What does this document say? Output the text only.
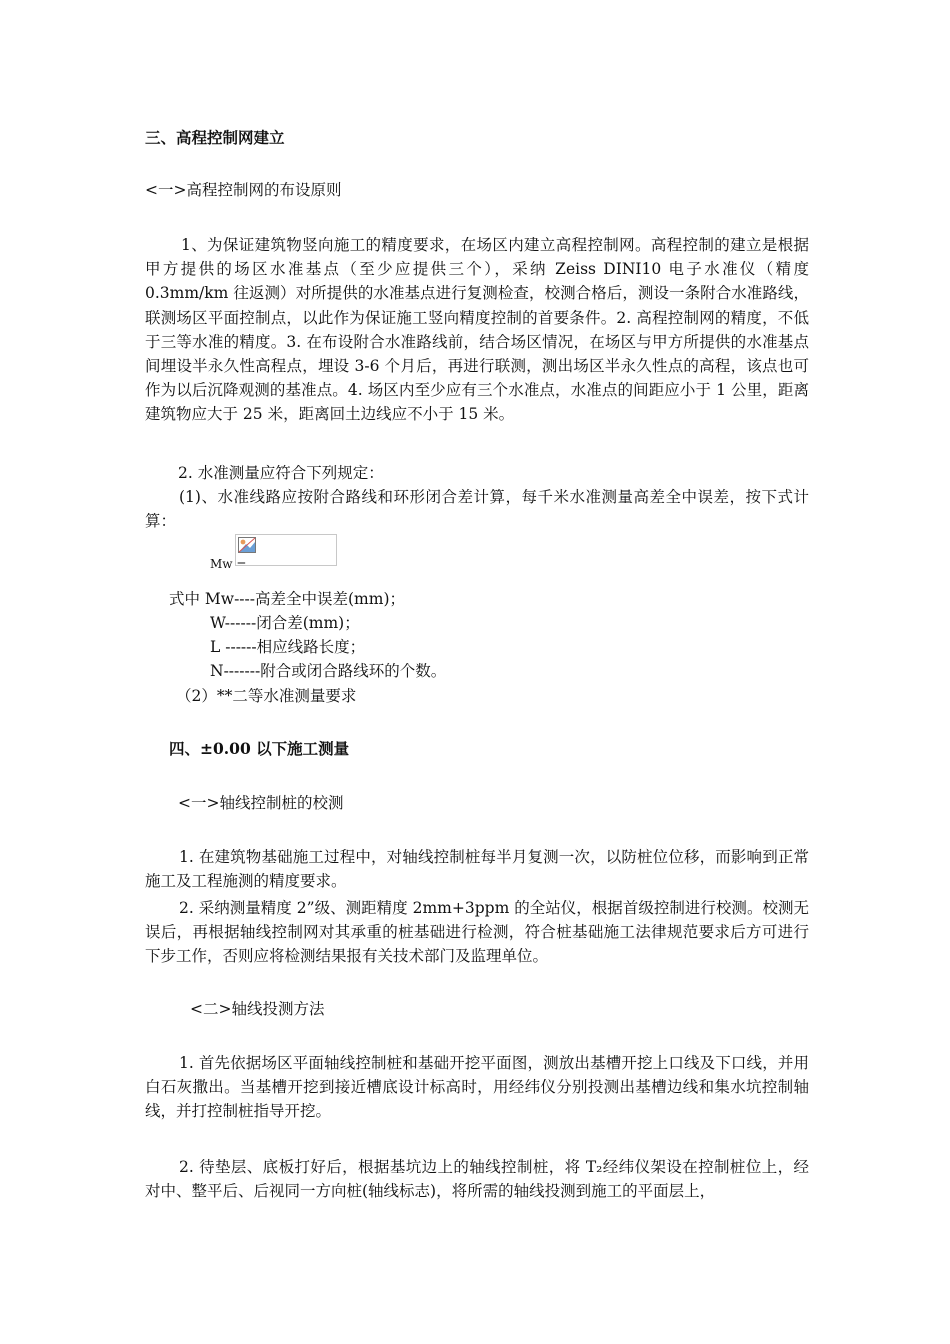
三、高程控制网建立
<一>高程控制网的布设原则
1、为保证建筑物竖向施工的精度要求，在场区内建立高程控制网。高程控制的建立是根据甲方提供的场区水准基点（至少应提供三个），采纳 Zeiss DINI10 电子水准仪（精度 0.3mm/km 往返测）对所提供的水准基点进行复测检查，校测合格后，测设一条附合水准路线，联测场区平面控制点，以此作为保证施工竖向精度控制的首要条件。2. 高程控制网的精度，不低于三等水准的精度。3. 在布设附合水准路线前，结合场区情况，在场区与甲方所提供的水准基点间埋设半永久性高程点，埋设 3-6 个月后，再进行联测，测出场区半永久性点的高程，该点也可作为以后沉降观测的基准点。4. 场区内至少应有三个水准点，水准点的间距应小于 1 公里，距离建筑物应大于 25 米，距离回土边线应不小于 15 米。
2. 水准测量应符合下列规定：
(1)、水准线路应按附合路线和环形闭合差计算，每千米水准测量高差全中误差，按下式计算：
Mw =
式中 Mw----高差全中误差(mm)；
W------闭合差(mm)；
L ------相应线路长度；
N-------附合或闭合路线环的个数。
（2）**二等水准测量要求
四、±0.00 以下施工测量
<一>轴线控制桩的校测
1. 在建筑物基础施工过程中，对轴线控制桩每半月复测一次，以防桩位位移，而影响到正常施工及工程施测的精度要求。
2. 采纳测量精度 2”级、测距精度 2mm+3ppm 的全站仪，根据首级控制进行校测。校测无误后，再根据轴线控制网对其承重的桩基础进行检测，符合桩基础施工法律规范要求后方可进行下步工作，否则应将检测结果报有关技术部门及监理单位。
<二>轴线投测方法
1. 首先依据场区平面轴线控制桩和基础开挖平面图，测放出基槽开挖上口线及下口线，并用白石灰撒出。当基槽开挖到接近槽底设计标高时，用经纬仪分别投测出基槽边线和集水坑控制轴线，并打控制桩指导开挖。
2. 待垫层、底板打好后，根据基坑边上的轴线控制桩，将 T₂经纬仪架设在控制桩位上，经对中、整平后、后视同一方向桩(轴线标志)，将所需的轴线投测到施工的平面层上，
